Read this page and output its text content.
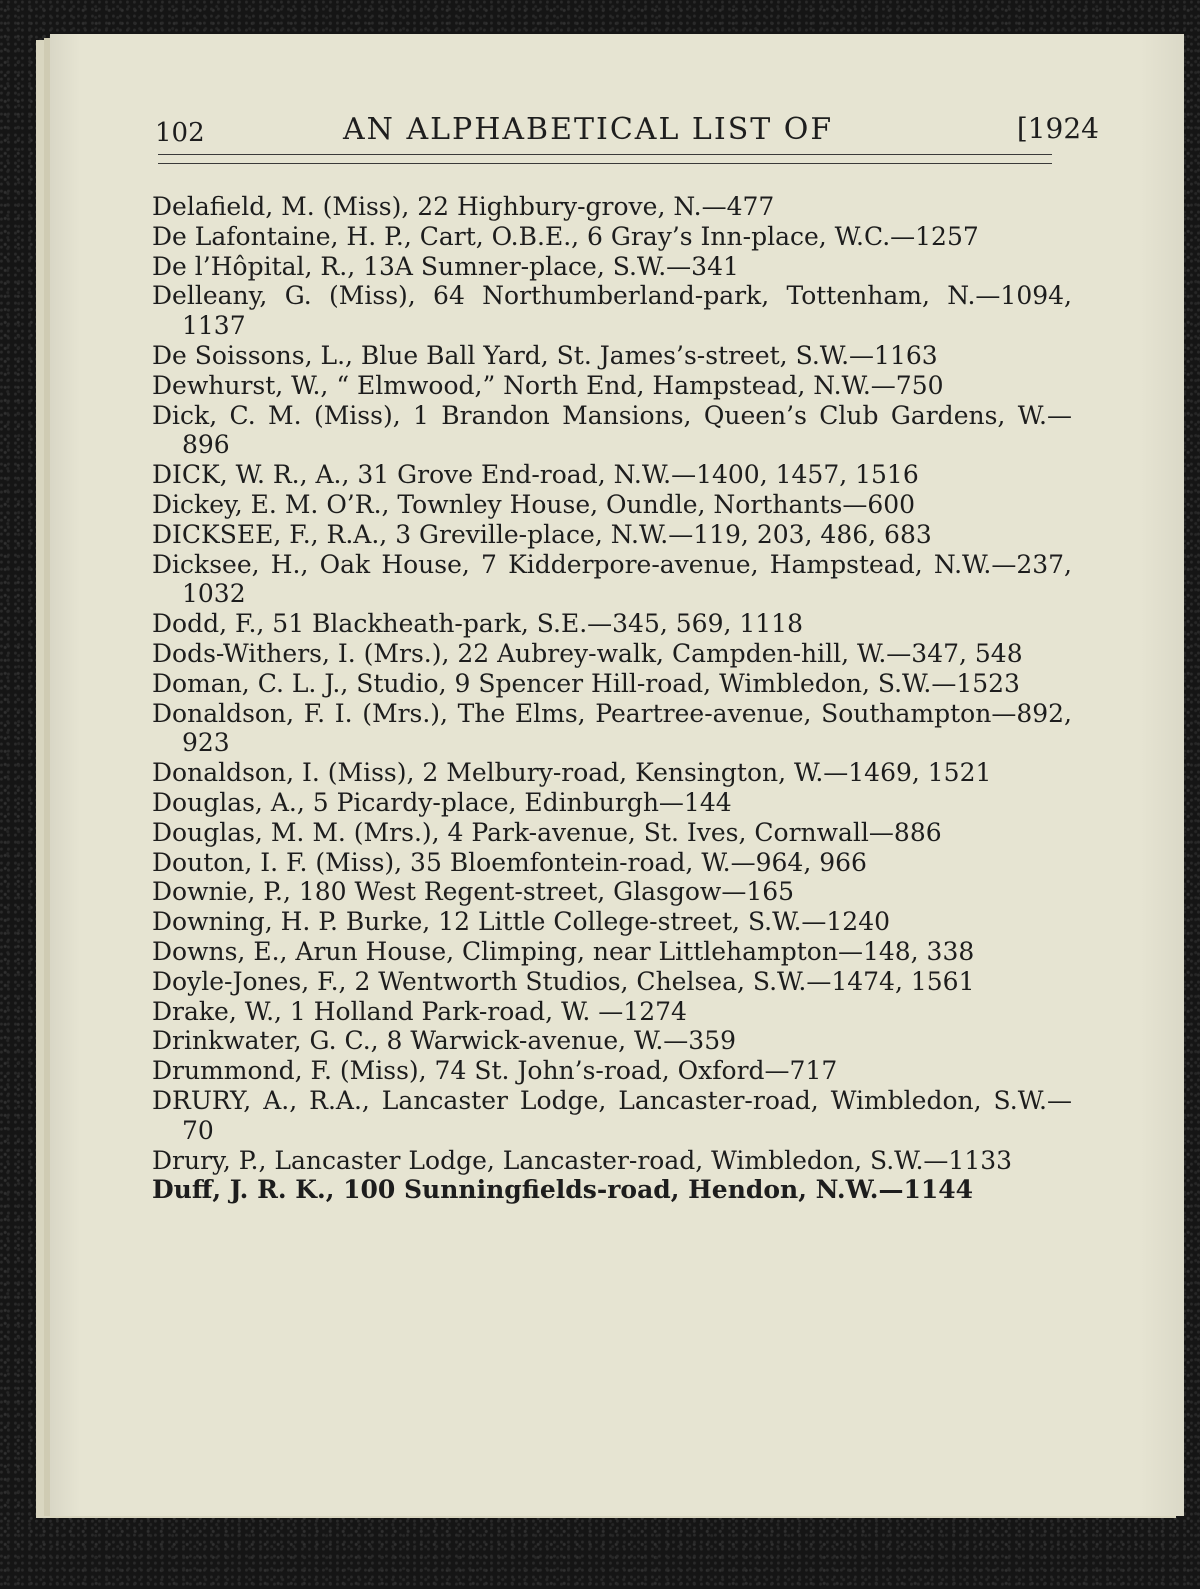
102	AN ALPHABETICAL LIST OF	[1924
Delafield, M. (Miss), 22 Highbury-grove, N.—477
De Lafontaine, H. P., Cart, O.B.E., 6 Gray’s Inn-place, W.C.—1257
De l’Hôpital, R., 13A Sumner-place, S.W.—341
Delleany, G. (Miss), 64 Northumberland-park, Tottenham, N.—1094, 1137
De Soissons, L., Blue Ball Yard, St. James’s-street, S.W.—1163
Dewhurst, W., “ Elmwood,” North End, Hampstead, N.W.—750
Dick, C. M. (Miss), 1 Brandon Mansions, Queen’s Club Gardens, W.—896
DICK, W. R., A., 31 Grove End-road, N.W.—1400, 1457, 1516
Dickey, E. M. O’R., Townley House, Oundle, Northants—600
DICKSEE, F., R.A., 3 Greville-place, N.W.—119, 203, 486, 683
Dicksee, H., Oak House, 7 Kidderpore-avenue, Hampstead, N.W.—237, 1032
Dodd, F., 51 Blackheath-park, S.E.—345, 569, 1118
Dods-Withers, I. (Mrs.), 22 Aubrey-walk, Campden-hill, W.—347, 548
Doman, C. L. J., Studio, 9 Spencer Hill-road, Wimbledon, S.W.—1523
Donaldson, F. I. (Mrs.), The Elms, Peartree-avenue, Southampton—892, 923
Donaldson, I. (Miss), 2 Melbury-road, Kensington, W.—1469, 1521
Douglas, A., 5 Picardy-place, Edinburgh—144
Douglas, M. M. (Mrs.), 4 Park-avenue, St. Ives, Cornwall—886
Douton, I. F. (Miss), 35 Bloemfontein-road, W.—964, 966
Downie, P., 180 West Regent-street, Glasgow—165
Downing, H. P. Burke, 12 Little College-street, S.W.—1240
Downs, E., Arun House, Climping, near Littlehampton—148, 338
Doyle-Jones, F., 2 Wentworth Studios, Chelsea, S.W.—1474, 1561
Drake, W., 1 Holland Park-road, W. —1274
Drinkwater, G. C., 8 Warwick-avenue, W.—359
Drummond, F. (Miss), 74 St. John’s-road, Oxford—717
DRURY, A., R.A., Lancaster Lodge, Lancaster-road, Wimbledon, S.W.—70
Drury, P., Lancaster Lodge, Lancaster-road, Wimbledon, S.W.—1133
Duff, J. R. K., 100 Sunningfields-road, Hendon, N.W.—1144
